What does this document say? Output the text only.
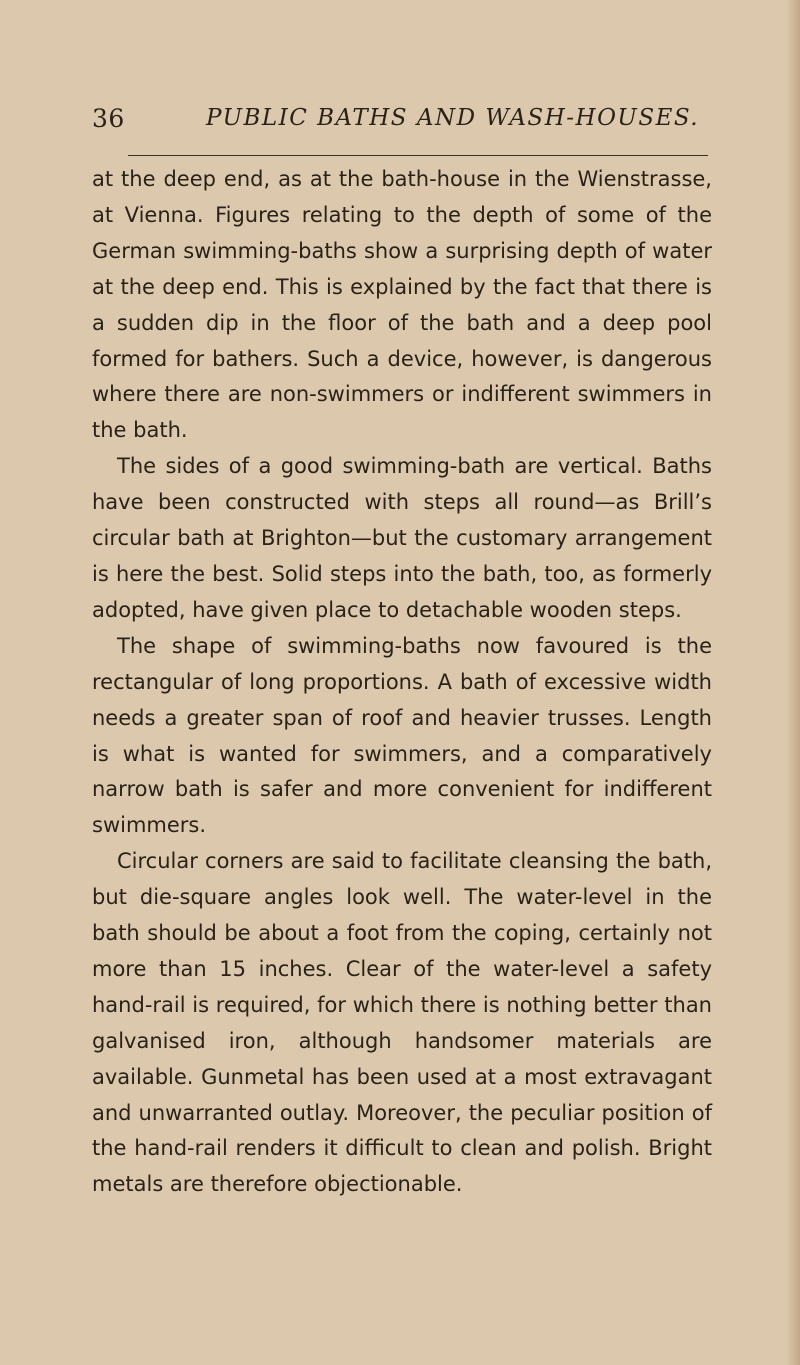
36	PUBLIC BATHS AND WASH-HOUSES.

at the deep end, as at the bath-house in the Wienstrasse, at Vienna. Figures relating to the depth of some of the German swimming-baths show a surprising depth of water at the deep end. This is explained by the fact that there is a sudden dip in the floor of the bath and a deep pool formed for bathers. Such a device, however, is dangerous where there are non-swimmers or indifferent swimmers in the bath.

The sides of a good swimming-bath are vertical. Baths have been constructed with steps all round—as Brill’s circular bath at Brighton—but the customary arrangement is here the best. Solid steps into the bath, too, as formerly adopted, have given place to detachable wooden steps.

The shape of swimming-baths now favoured is the rectangular of long proportions. A bath of excessive width needs a greater span of roof and heavier trusses. Length is what is wanted for swimmers, and a comparatively narrow bath is safer and more convenient for indifferent swimmers.

Circular corners are said to facilitate cleansing the bath, but die-square angles look well. The water-level in the bath should be about a foot from the coping, certainly not more than 15 inches. Clear of the water-level a safety hand-rail is required, for which there is nothing better than galvanised iron, although handsomer materials are available. Gunmetal has been used at a most extravagant and unwarranted outlay. Moreover, the peculiar position of the hand-rail renders it difficult to clean and polish. Bright metals are therefore objectionable.
